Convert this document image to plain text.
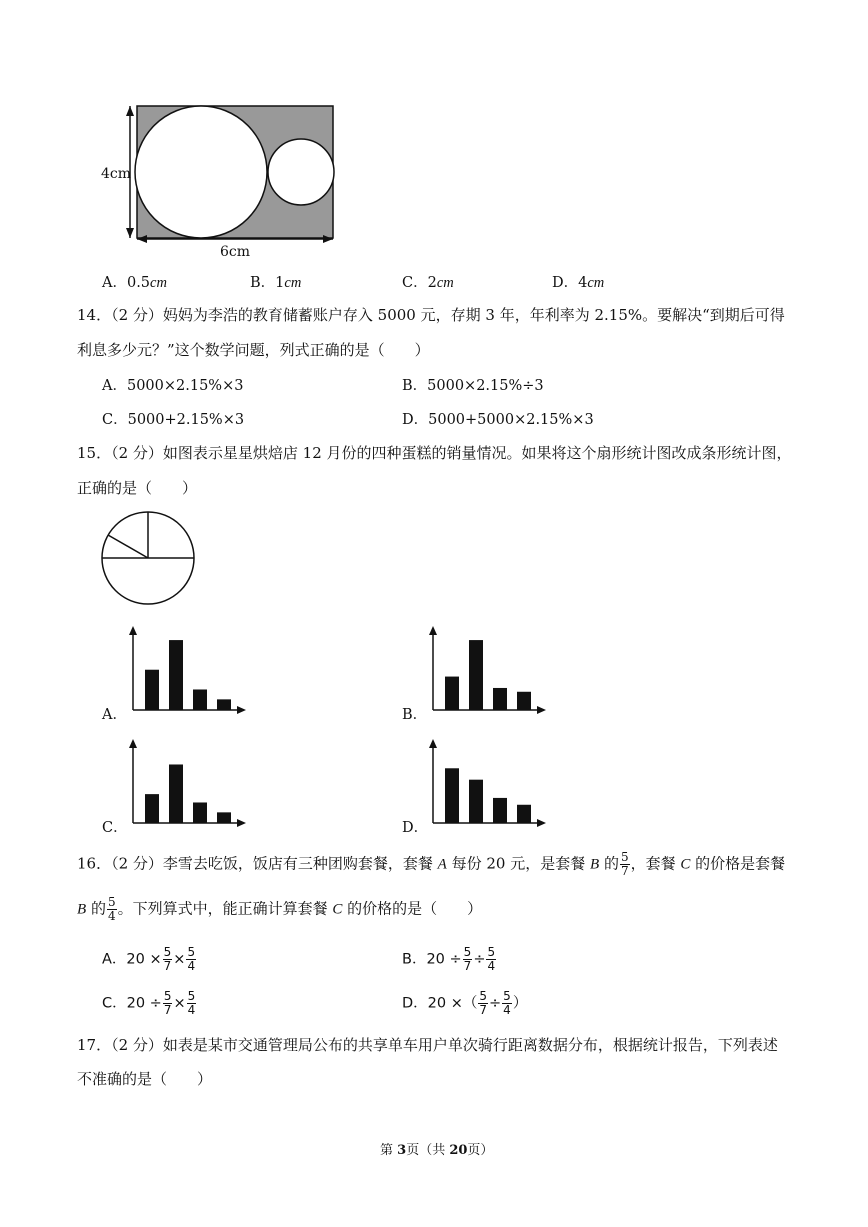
4cm
6cm
A．0.5cm	B．1cm	C．2cm	D．4cm
14．（2 分）妈妈为李浩的教育储蓄账户存入 5000 元，存期 3 年，年利率为 2.15%。要解决“到期后可得
利息多少元？”这个数学问题，列式正确的是（　　）
A．5000×2.15%×3	B．5000×2.15%÷3
C．5000+2.15%×3	D．5000+5000×2.15%×3
15．（2 分）如图表示星星烘焙店 12 月份的四种蛋糕的销量情况。如果将这个扇形统计图改成条形统计图，
正确的是（　　）
A．	B．
C．	D．
16．（2 分）李雪去吃饭，饭店有三种团购套餐，套餐 A 每份 20 元，是套餐 B 的 $\frac{5}{7}$ ，套餐 C 的价格是套餐
B 的 $\frac{5}{4}$ 。下列算式中，能正确计算套餐 C 的价格的是（　　）
A．$20 \times \frac{5}{7} \times \frac{5}{4}$	B．$20 \div \frac{5}{7} \div \frac{5}{4}$
C．$20 \div \frac{5}{7} \times \frac{5}{4}$	D．20 ×（ $\frac{5}{7} \div \frac{5}{4}$ ）
17．（2 分）如表是某市交通管理局公布的共享单车用户单次骑行距离数据分布，根据统计报告，下列表述
不准确的是（　　）
第 3页（共 20页）
